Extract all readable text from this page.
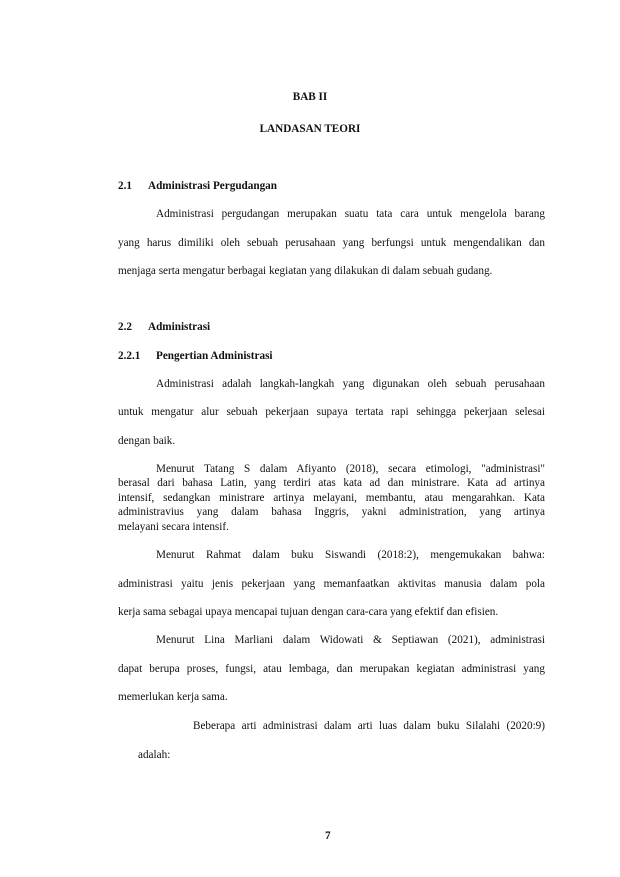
BAB II
LANDASAN TEORI
2.1 Administrasi Pergudangan
Administrasi pergudangan merupakan suatu tata cara untuk mengelola barang
yang harus dimiliki oleh sebuah perusahaan yang berfungsi untuk mengendalikan dan
menjaga serta mengatur berbagai kegiatan yang dilakukan di dalam sebuah gudang.
2.2 Administrasi
2.2.1 Pengertian Administrasi
Administrasi adalah langkah-langkah yang digunakan oleh sebuah perusahaan
untuk mengatur alur sebuah pekerjaan supaya tertata rapi sehingga pekerjaan selesai
dengan baik.
Menurut Tatang S dalam Afiyanto (2018), secara etimologi, "administrasi"
berasal dari bahasa Latin, yang terdiri atas kata ad dan ministrare. Kata ad artinya
intensif, sedangkan ministrare artinya melayani, membantu, atau mengarahkan. Kata
administravius yang dalam bahasa Inggris, yakni administration, yang artinya
melayani secara intensif.
Menurut Rahmat dalam buku Siswandi (2018:2), mengemukakan bahwa:
administrasi yaitu jenis pekerjaan yang memanfaatkan aktivitas manusia dalam pola
kerja sama sebagai upaya mencapai tujuan dengan cara-cara yang efektif dan efisien.
Menurut Lina Marliani dalam Widowati & Septiawan (2021), administrasi
dapat berupa proses, fungsi, atau lembaga, dan merupakan kegiatan administrasi yang
memerlukan kerja sama.
Beberapa arti administrasi dalam arti luas dalam buku Silalahi (2020:9)
adalah:
7
